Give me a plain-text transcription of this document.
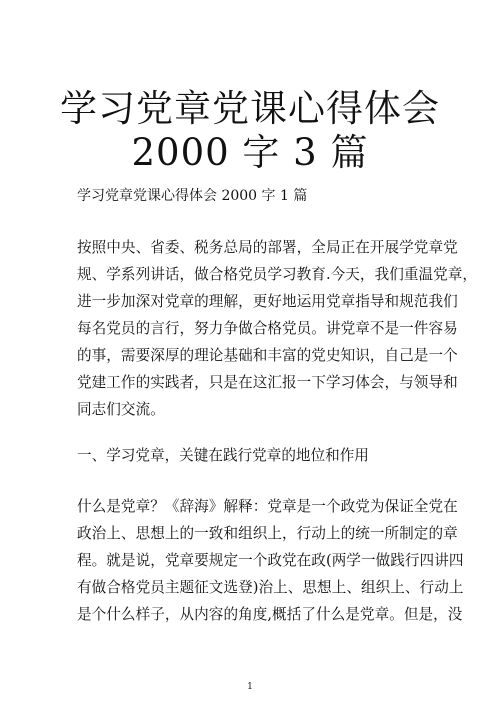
学习党章党课心得体会
2000 字 3 篇
学习党章党课心得体会 2000 字 1 篇
按照中央、省委、税务总局的部署，全局正在开展学党章党
规、学系列讲话，做合格党员学习教育.今天，我们重温党章，
进一步加深对党章的理解，更好地运用党章指导和规范我们
每名党员的言行，努力争做合格党员。讲党章不是一件容易
的事，需要深厚的理论基础和丰富的党史知识，自己是一个
党建工作的实践者，只是在这汇报一下学习体会，与领导和
同志们交流。
一、学习党章，关键在践行党章的地位和作用
什么是党章？《辞海》解释：党章是一个政党为保证全党在
政治上、思想上的一致和组织上，行动上的统一所制定的章
程。就是说，党章要规定一个政党在政(两学一做践行四讲四
有做合格党员主题征文选登)治上、思想上、组织上、行动上
是个什么样子，从内容的角度,概括了什么是党章。但是，没
1
